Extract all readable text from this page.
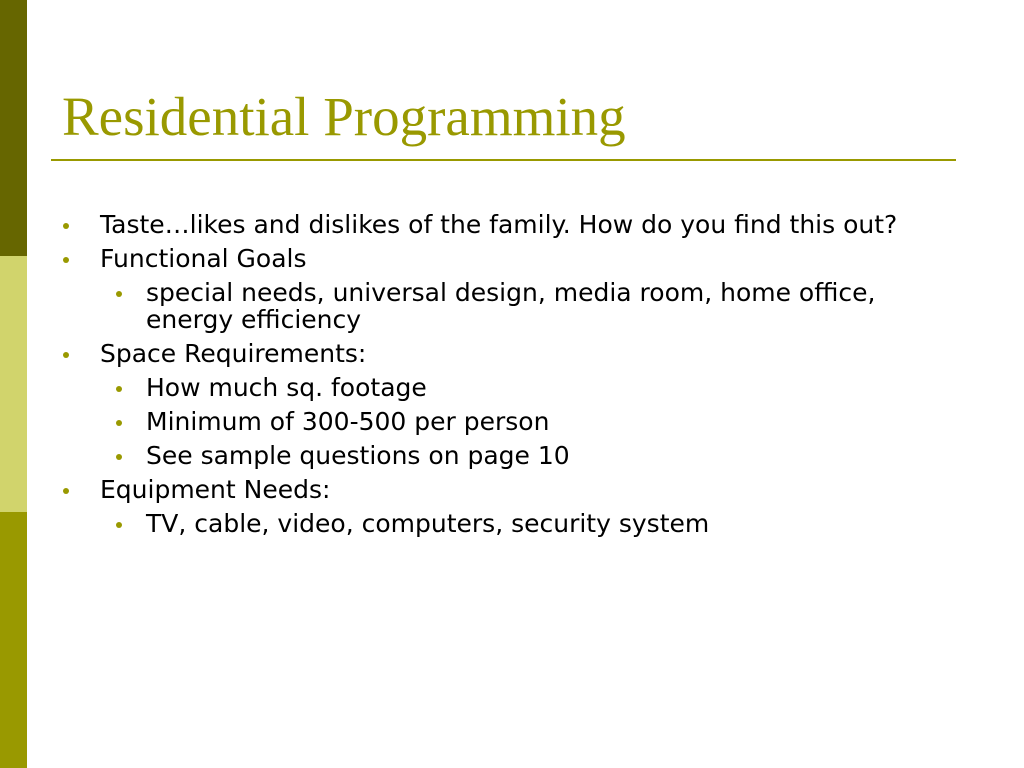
Residential Programming
Taste…likes and dislikes of the family. How do you find this out?
Functional Goals
special needs, universal design, media room, home office, energy efficiency
Space Requirements:
How much sq. footage
Minimum of 300-500 per person
See sample questions on page 10
Equipment Needs:
TV, cable, video, computers, security system
